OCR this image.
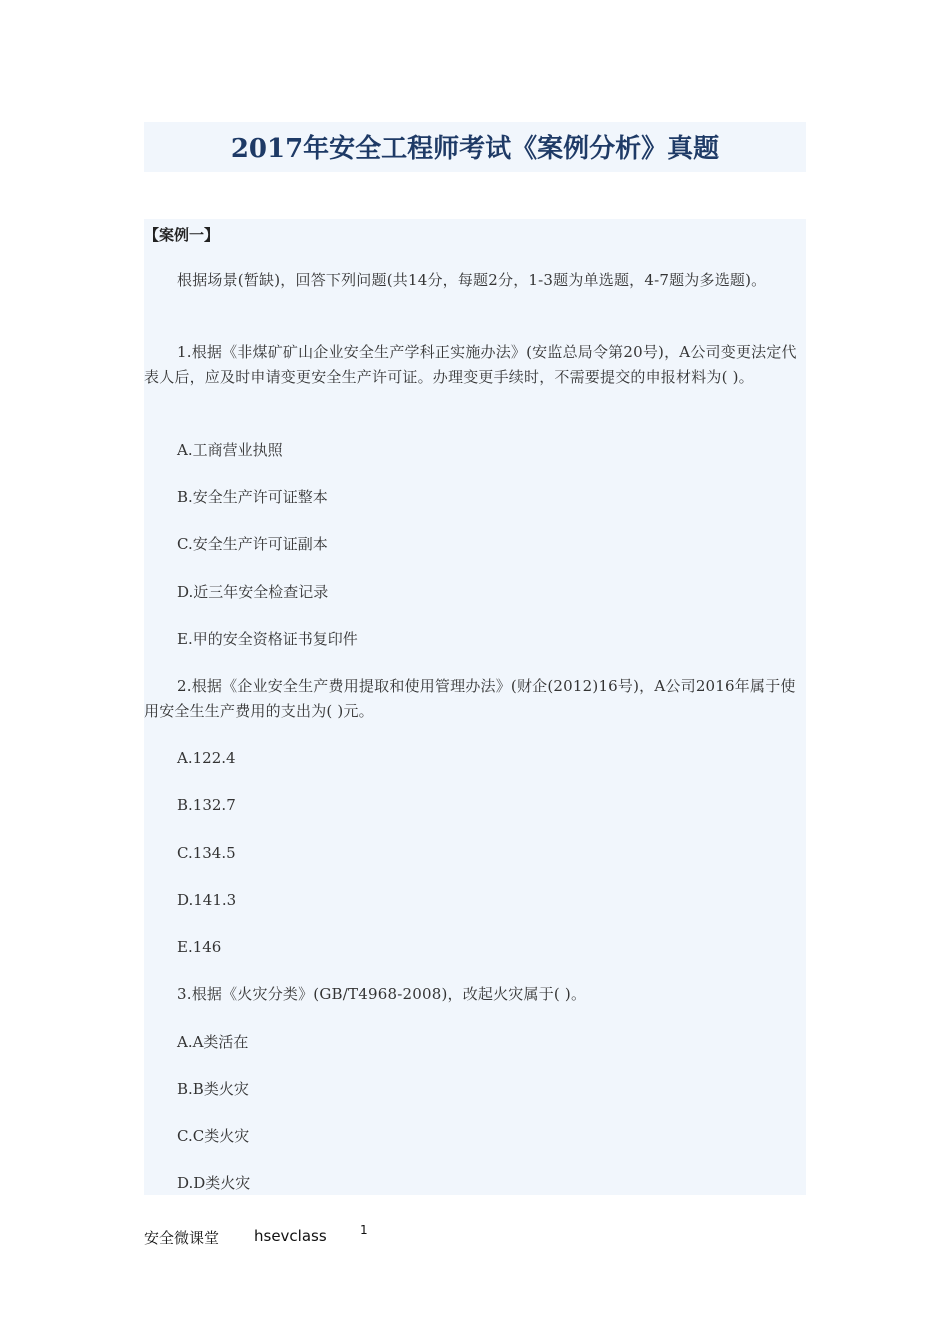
2017年安全工程师考试《案例分析》真题
【案例一】

根据场景(暂缺)，回答下列问题(共14分，每题2分，1-3题为单选题，4-7题为多选题)。

1.根据《非煤矿矿山企业安全生产学科正实施办法》(安监总局令第20号)，A公司变更法定代表人后，应及时申请变更安全生产许可证。办理变更手续时，不需要提交的申报材料为( )。

A.工商营业执照

B.安全生产许可证整本

C.安全生产许可证副本

D.近三年安全检查记录

E.甲的安全资格证书复印件

2.根据《企业安全生产费用提取和使用管理办法》(财企(2012)16号)，A公司2016年属于使用安全生生产费用的支出为( )元。

A.122.4

B.132.7

C.134.5

D.141.3

E.146

3.根据《火灾分类》(GB/T4968-2008)，改起火灾属于( )。

A.A类活在

B.B类火灾

C.C类火灾

D.D类火灾

安全微课堂 hsevclass	1
